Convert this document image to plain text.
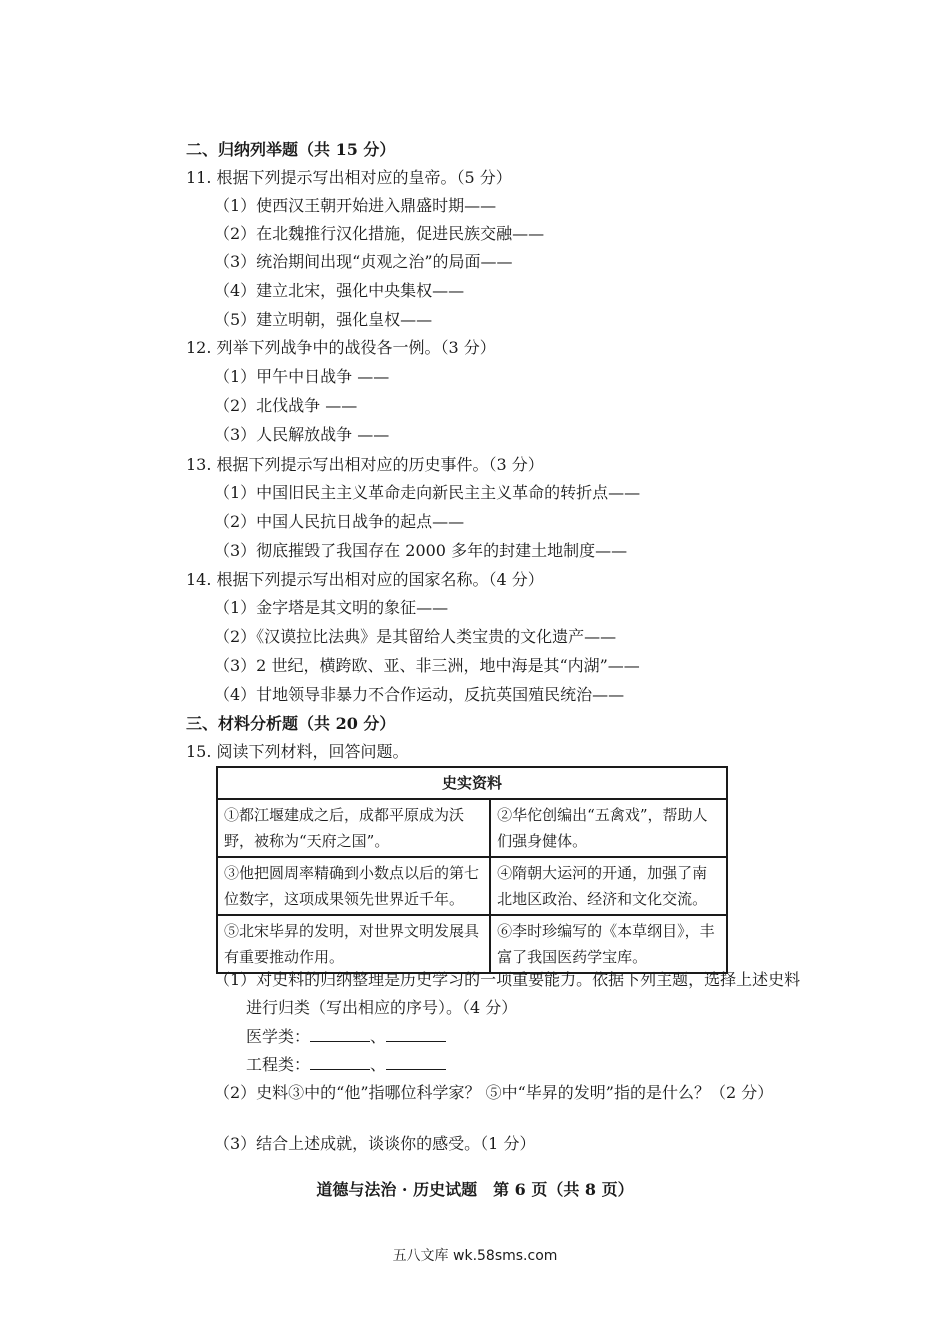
二、归纳列举题（共 15 分）
11. 根据下列提示写出相对应的皇帝。（5 分）
（1）使西汉王朝开始进入鼎盛时期——
（2）在北魏推行汉化措施，促进民族交融——
（3）统治期间出现“贞观之治”的局面——
（4）建立北宋，强化中央集权——
（5）建立明朝，强化皇权——
12. 列举下列战争中的战役各一例。（3 分）
（1）甲午中日战争 ——
（2）北伐战争 ——
（3）人民解放战争 ——
13. 根据下列提示写出相对应的历史事件。（3 分）
（1）中国旧民主主义革命走向新民主主义革命的转折点——
（2）中国人民抗日战争的起点——
（3）彻底摧毁了我国存在 2000 多年的封建土地制度——
14. 根据下列提示写出相对应的国家名称。（4 分）
（1）金字塔是其文明的象征——
（2）《汉谟拉比法典》是其留给人类宝贵的文化遗产——
（3）2 世纪，横跨欧、亚、非三洲，地中海是其“内湖”——
（4）甘地领导非暴力不合作运动，反抗英国殖民统治——
三、材料分析题（共 20 分）
15. 阅读下列材料，回答问题。
史实资料	
①都江堰建成之后，成都平原成为沃野，被称为“天府之国”。	②华佗创编出“五禽戏”，帮助人们强身健体。
③他把圆周率精确到小数点以后的第七位数字，这项成果领先世界近千年。	④隋朝大运河的开通，加强了南北地区政治、经济和文化交流。
⑤北宋毕昇的发明，对世界文明发展具有重要推动作用。	⑥李时珍编写的《本草纲目》，丰富了我国医药学宝库。
（1）对史料的归纳整理是历史学习的一项重要能力。依据下列主题，选择上述史料
进行归类（写出相应的序号）。（4 分）
医学类：	、
工程类：	、
（2）史料③中的“他”指哪位科学家？ ⑤中“毕昇的发明”指的是什么？（2 分）
（3）结合上述成就，谈谈你的感受。（1 分）
道德与法治 · 历史试题　第 6 页（共 8 页）
五八文库 wk.58sms.com
